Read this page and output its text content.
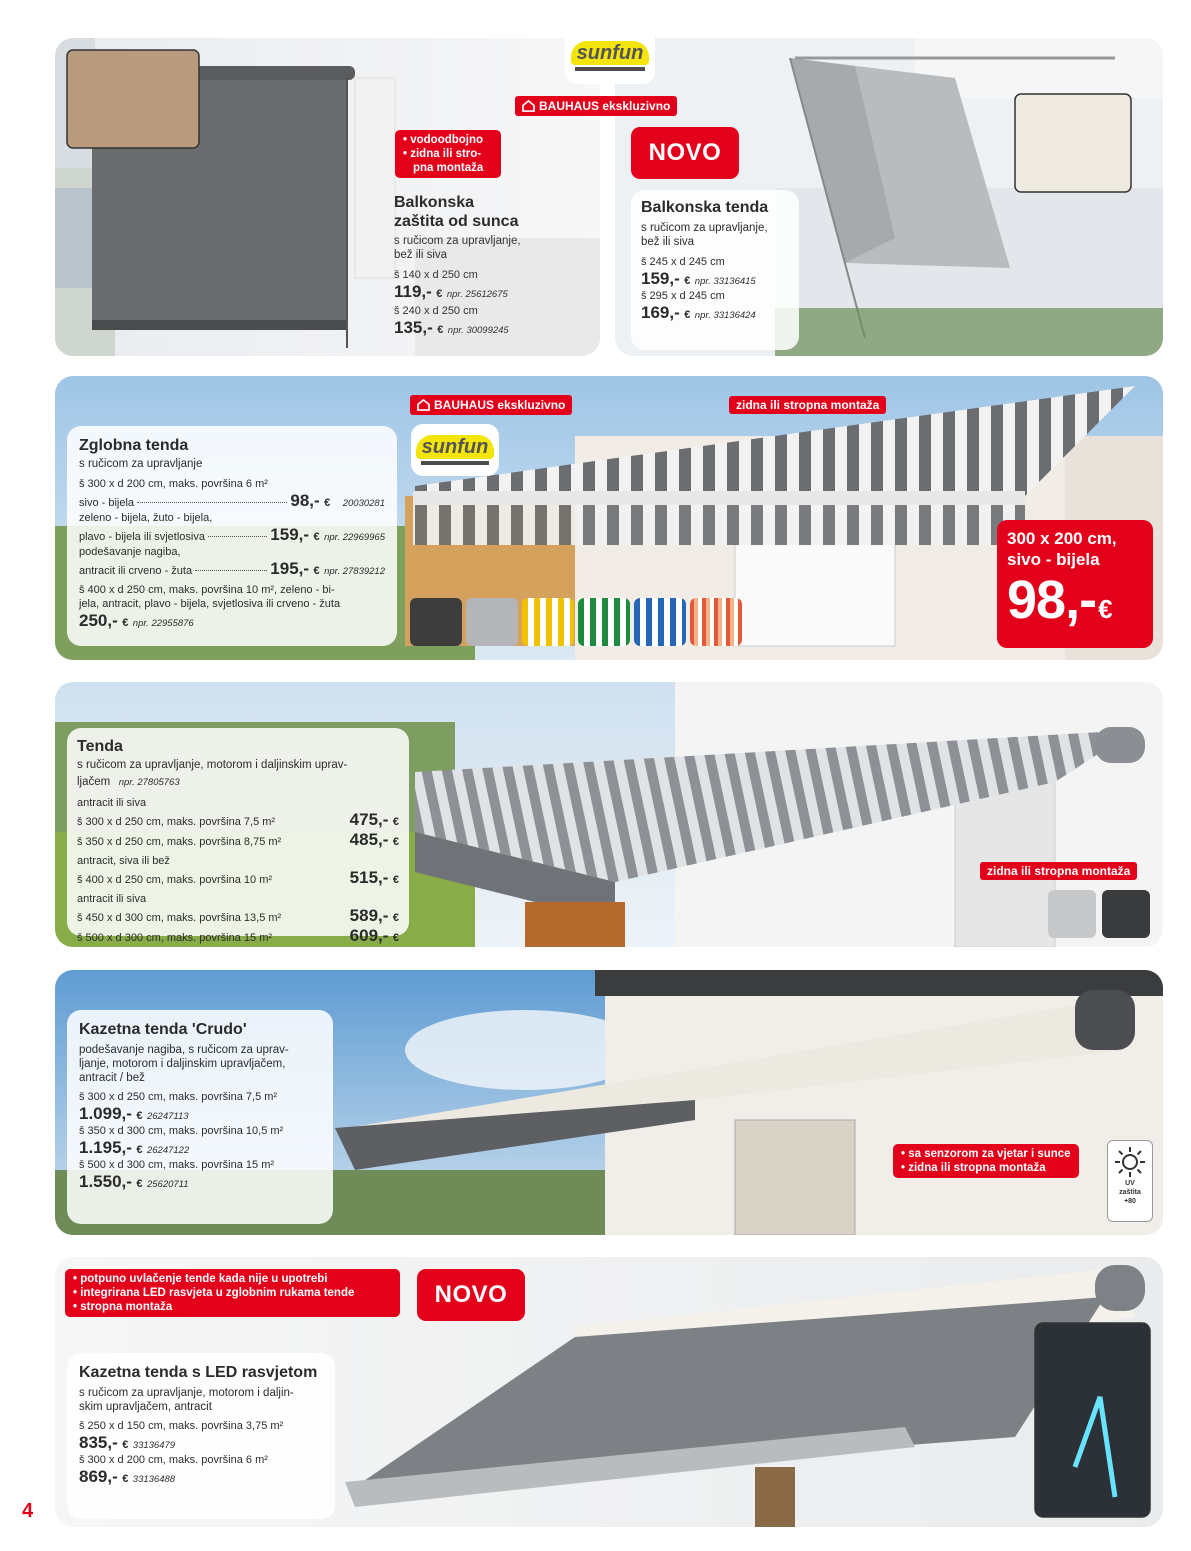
• vodoodbojno
• zidna ili stro-
pna montaža
Balkonska
zaštita od sunca
s ručicom za upravljanje,
bež ili siva
š 140 x d 250 cm
119,- € npr. 25612675
š 240 x d 250 cm
135,- € npr. 30099245
Balkonska tenda
s ručicom za upravljanje,
bež ili siva
š 245 x d 245 cm
159,- € npr. 33136415
š 295 x d 245 cm
169,- € npr. 33136424
sunfun
BAUHAUS ekskluzivno
NOVO
Zglobna tenda
s ručicom za upravljanje
š 300 x d 200 cm, maks. površina 6 m²
sivo - bijela	98,- € 20030281
zeleno - bijela, žuto - bijela,
plavo - bijela ili svjetlosiva	159,- € npr. 22969965
podešavanje nagiba,
antracit ili crveno - žuta	195,- € npr. 27839212
š 400 x d 250 cm, maks. površina 10 m², zeleno - bi-
jela, antracit, plavo - bijela, svjetlosiva ili crveno - žuta
250,- € npr. 22955876
300 x 200 cm,
sivo - bijela
98,- €
BAUHAUS ekskluzivno
sunfun
zidna ili stropna montaža
Tenda
s ručicom za upravljanje, motorom i daljinskim uprav-
ljačem npr. 27805763
antracit ili siva
š 300 x d 250 cm, maks. površina 7,5 m²	475,- €
š 350 x d 250 cm, maks. površina 8,75 m²	485,- €
antracit, siva ili bež
š 400 x d 250 cm, maks. površina 10 m²	515,- €
antracit ili siva
š 450 x d 300 cm, maks. površina 13,5 m²	589,- €
š 500 x d 300 cm, maks. površina 15 m²	609,- €
zidna ili stropna montaža
Kazetna tenda 'Crudo'
podešavanje nagiba, s ručicom za uprav-
ljanje, motorom i daljinskim upravljačem,
antracit / bež
š 300 x d 250 cm, maks. površina 7,5 m²
1.099,- € 26247113
š 350 x d 300 cm, maks. površina 10,5 m²
1.195,- € 26247122
š 500 x d 300 cm, maks. površina 15 m²
1.550,- € 25620711
• sa senzorom za vjetar i sunce
• zidna ili stropna montaža
UV
zaštita
+80
• potpuno uvlačenje tende kada nije u upotrebi
• integrirana LED rasvjeta u zglobnim rukama tende
• stropna montaža	NOVO
Kazetna tenda s LED rasvjetom
s ručicom za upravljanje, motorom i daljin-
skim upravljačem, antracit
š 250 x d 150 cm, maks. površina 3,75 m²
835,- € 33136479
š 300 x d 200 cm, maks. površina 6 m²
869,- € 33136488
4
